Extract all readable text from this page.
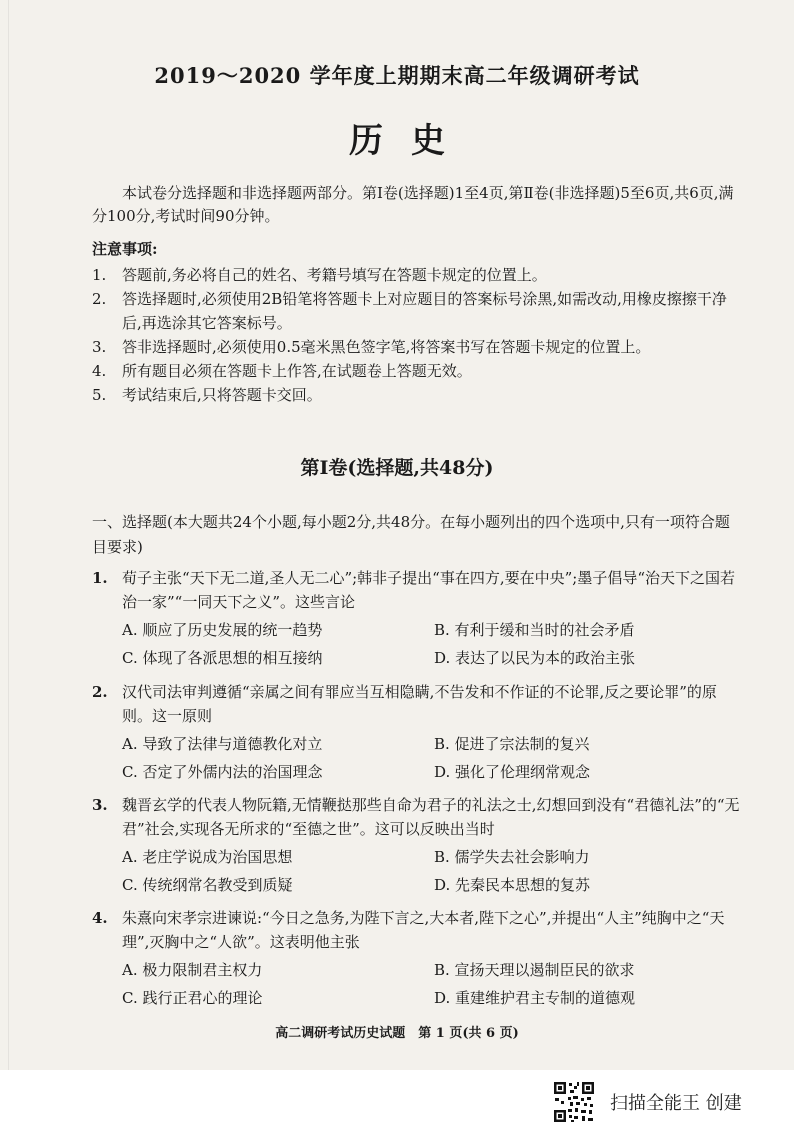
2019～2020 学年度上期期末高二年级调研考试
历史

本试卷分选择题和非选择题两部分。第Ⅰ卷(选择题)1至4页,第Ⅱ卷(非选择题)5至6页,共6页,满分100分,考试时间90分钟。

注意事项:

1. 答题前,务必将自己的姓名、考籍号填写在答题卡规定的位置上。
2. 答选择题时,必须使用2B铅笔将答题卡上对应题目的答案标号涂黑,如需改动,用橡皮擦擦干净后,再选涂其它答案标号。
3. 答非选择题时,必须使用0.5毫米黑色签字笔,将答案书写在答题卡规定的位置上。
4. 所有题目必须在答题卡上作答,在试题卷上答题无效。
5. 考试结束后,只将答题卡交回。
第Ⅰ卷(选择题,共48分)

一、选择题(本大题共24个小题,每小题2分,共48分。在每小题列出的四个选项中,只有一项符合题目要求)

1. 荀子主张“天下无二道,圣人无二心”;韩非子提出“事在四方,要在中央”;墨子倡导“治天下之国若治一家”“一同天下之义”。这些言论

A. 顺应了历史发展的统一趋势	B. 有利于缓和当时的社会矛盾
C. 体现了各派思想的相互接纳	D. 表达了以民为本的政治主张

2. 汉代司法审判遵循“亲属之间有罪应当互相隐瞒,不告发和不作证的不论罪,反之要论罪”的原则。这一原则

A. 导致了法律与道德教化对立	B. 促进了宗法制的复兴
C. 否定了外儒内法的治国理念	D. 强化了伦理纲常观念

3. 魏晋玄学的代表人物阮籍,无情鞭挞那些自命为君子的礼法之士,幻想回到没有“君德礼法”的“无君”社会,实现各无所求的“至德之世”。这可以反映出当时

A. 老庄学说成为治国思想	B. 儒学失去社会影响力
C. 传统纲常名教受到质疑	D. 先秦民本思想的复苏

4. 朱熹向宋孝宗进谏说:“今日之急务,为陛下言之,大本者,陛下之心”,并提出“人主”纯胸中之“天理”,灭胸中之“人欲”。这表明他主张

A. 极力限制君主权力	B. 宣扬天理以遏制臣民的欲求
C. 践行正君心的理论	D. 重建维护君主专制的道德观
高二调研考试历史试题　第 1 页(共 6 页)
扫描全能王 创建
